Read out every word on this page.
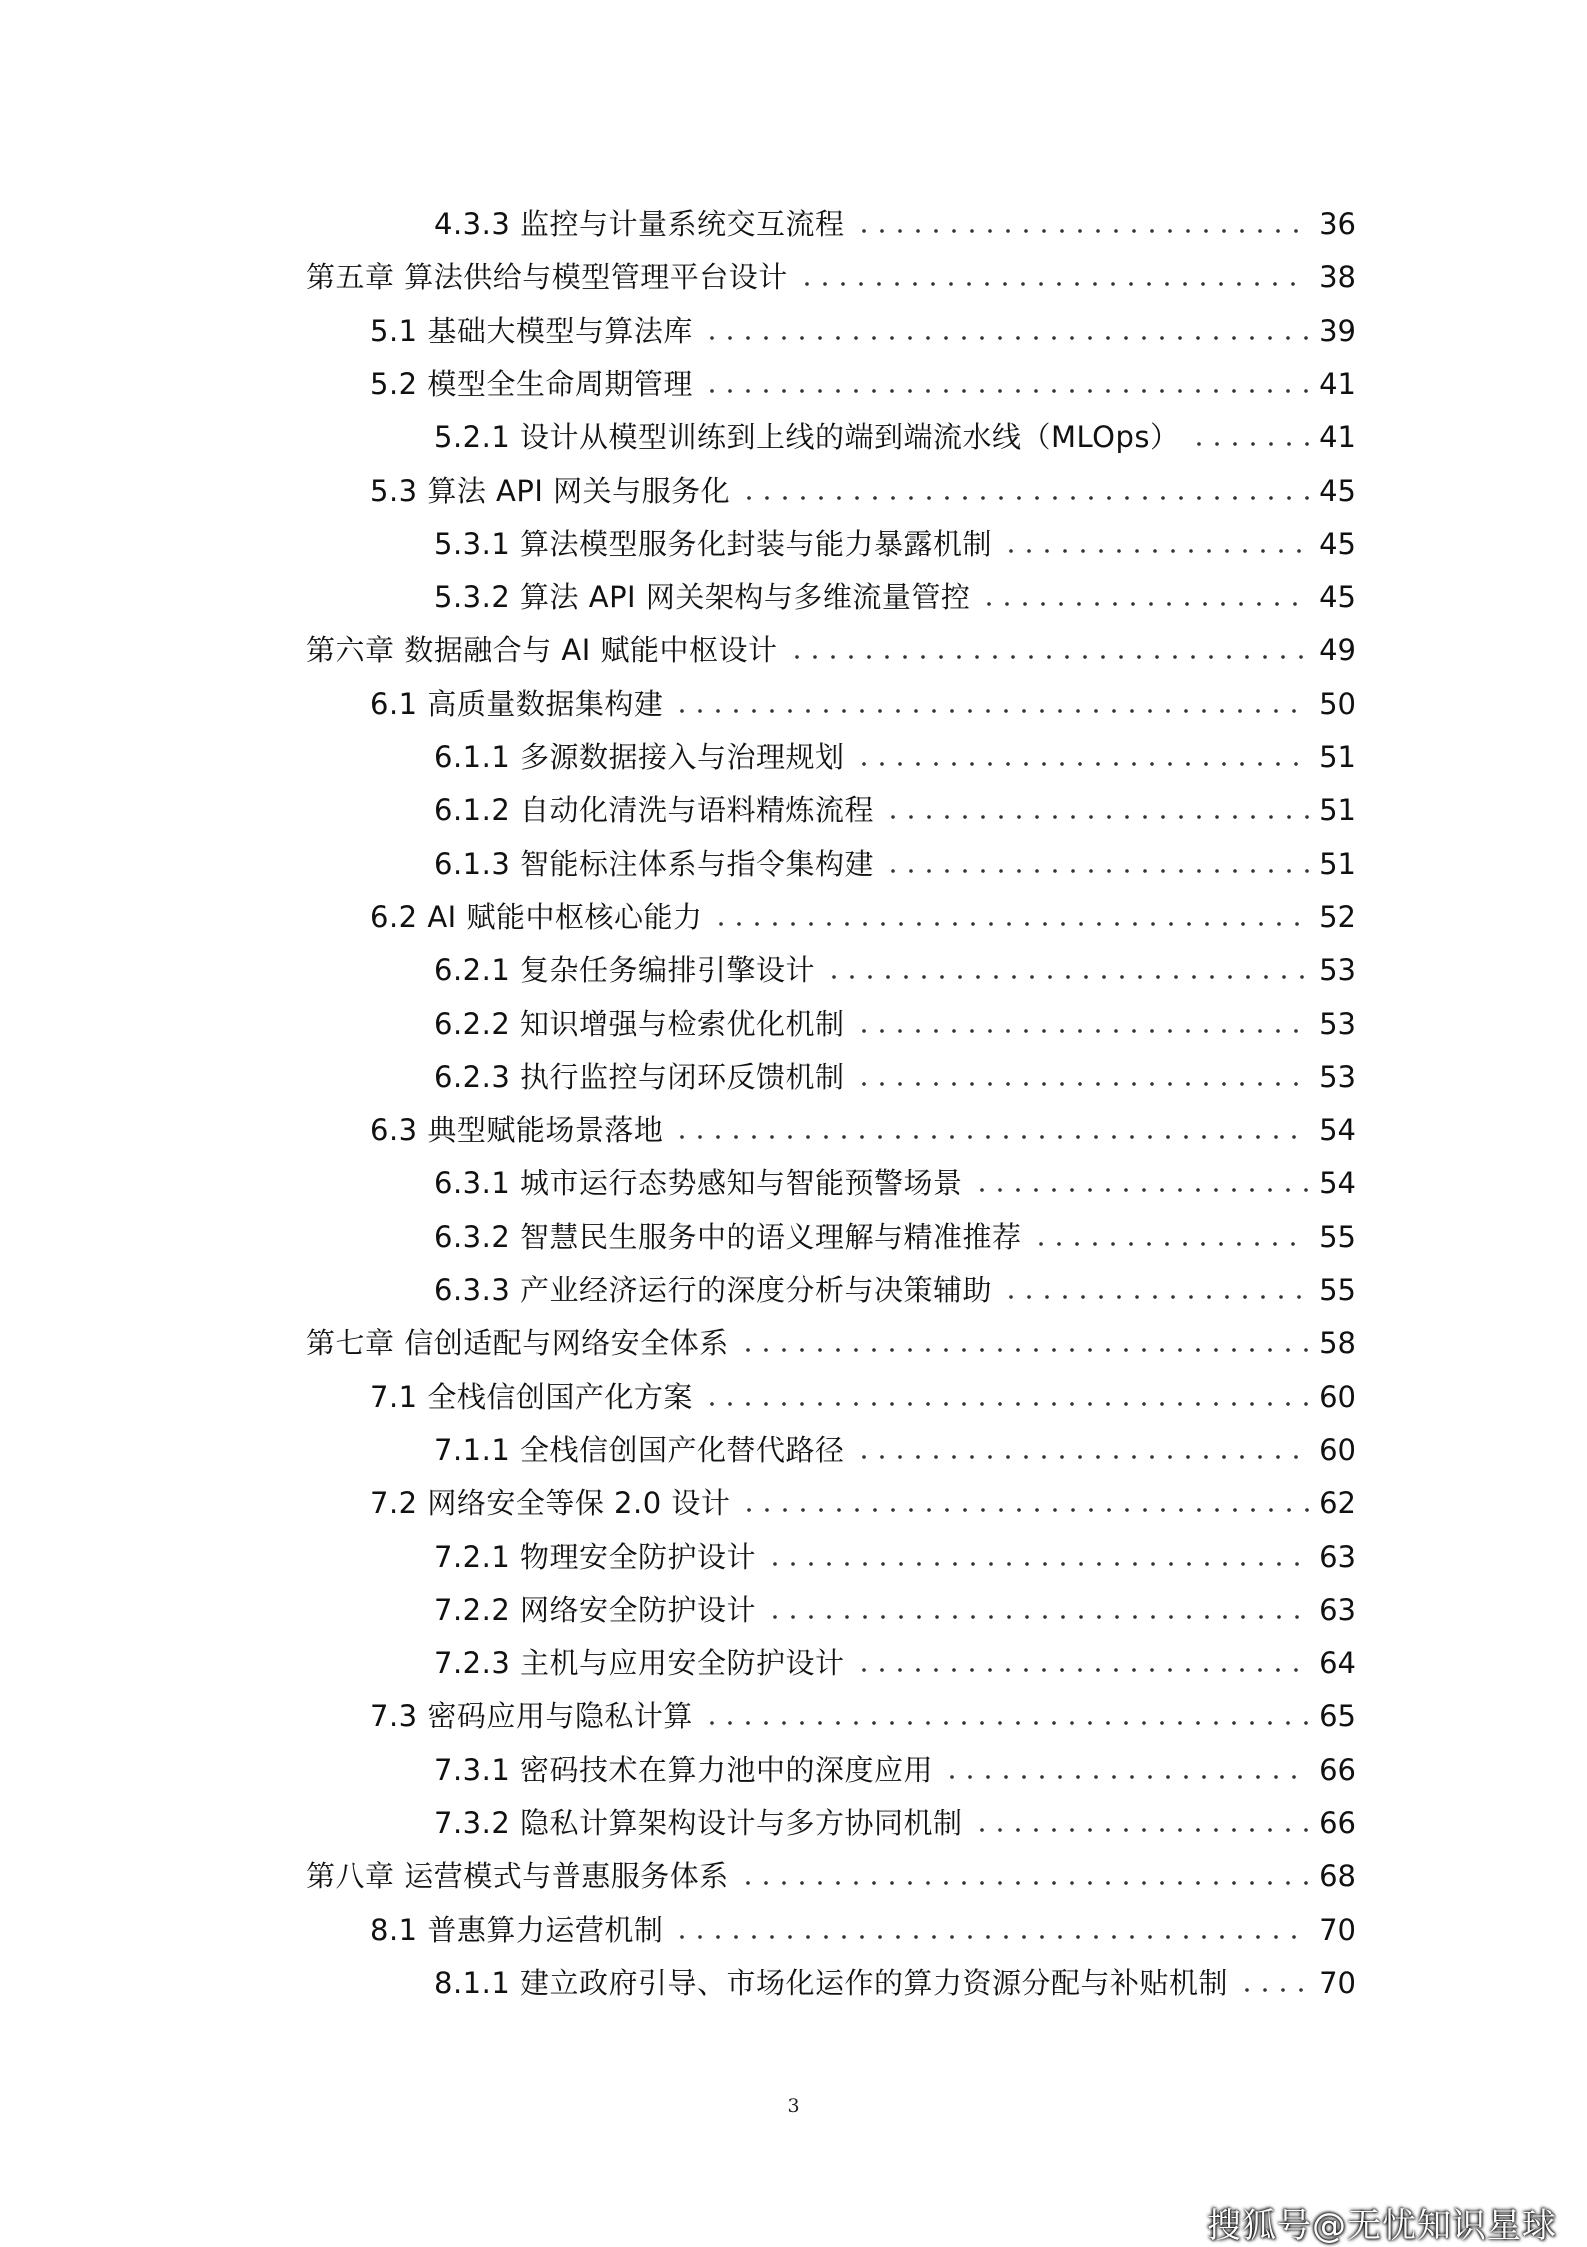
4.3.3 监控与计量系统交互流程	36
第五章 算法供给与模型管理平台设计	38
5.1 基础大模型与算法库	39
5.2 模型全生命周期管理	41
5.2.1 设计从模型训练到上线的端到端流水线（MLOps）	41
5.3 算法 API 网关与服务化	45
5.3.1 算法模型服务化封装与能力暴露机制	45
5.3.2 算法 API 网关架构与多维流量管控	45
第六章 数据融合与 AI 赋能中枢设计	49
6.1 高质量数据集构建	50
6.1.1 多源数据接入与治理规划	51
6.1.2 自动化清洗与语料精炼流程	51
6.1.3 智能标注体系与指令集构建	51
6.2 AI 赋能中枢核心能力	52
6.2.1 复杂任务编排引擎设计	53
6.2.2 知识增强与检索优化机制	53
6.2.3 执行监控与闭环反馈机制	53
6.3 典型赋能场景落地	54
6.3.1 城市运行态势感知与智能预警场景	54
6.3.2 智慧民生服务中的语义理解与精准推荐	55
6.3.3 产业经济运行的深度分析与决策辅助	55
第七章 信创适配与网络安全体系	58
7.1 全栈信创国产化方案	60
7.1.1 全栈信创国产化替代路径	60
7.2 网络安全等保 2.0 设计	62
7.2.1 物理安全防护设计	63
7.2.2 网络安全防护设计	63
7.2.3 主机与应用安全防护设计	64
7.3 密码应用与隐私计算	65
7.3.1 密码技术在算力池中的深度应用	66
7.3.2 隐私计算架构设计与多方协同机制	66
第八章 运营模式与普惠服务体系	68
8.1 普惠算力运营机制	70
8.1.1 建立政府引导、市场化运作的算力资源分配与补贴机制	70
3
搜狐号@无忧知识星球
